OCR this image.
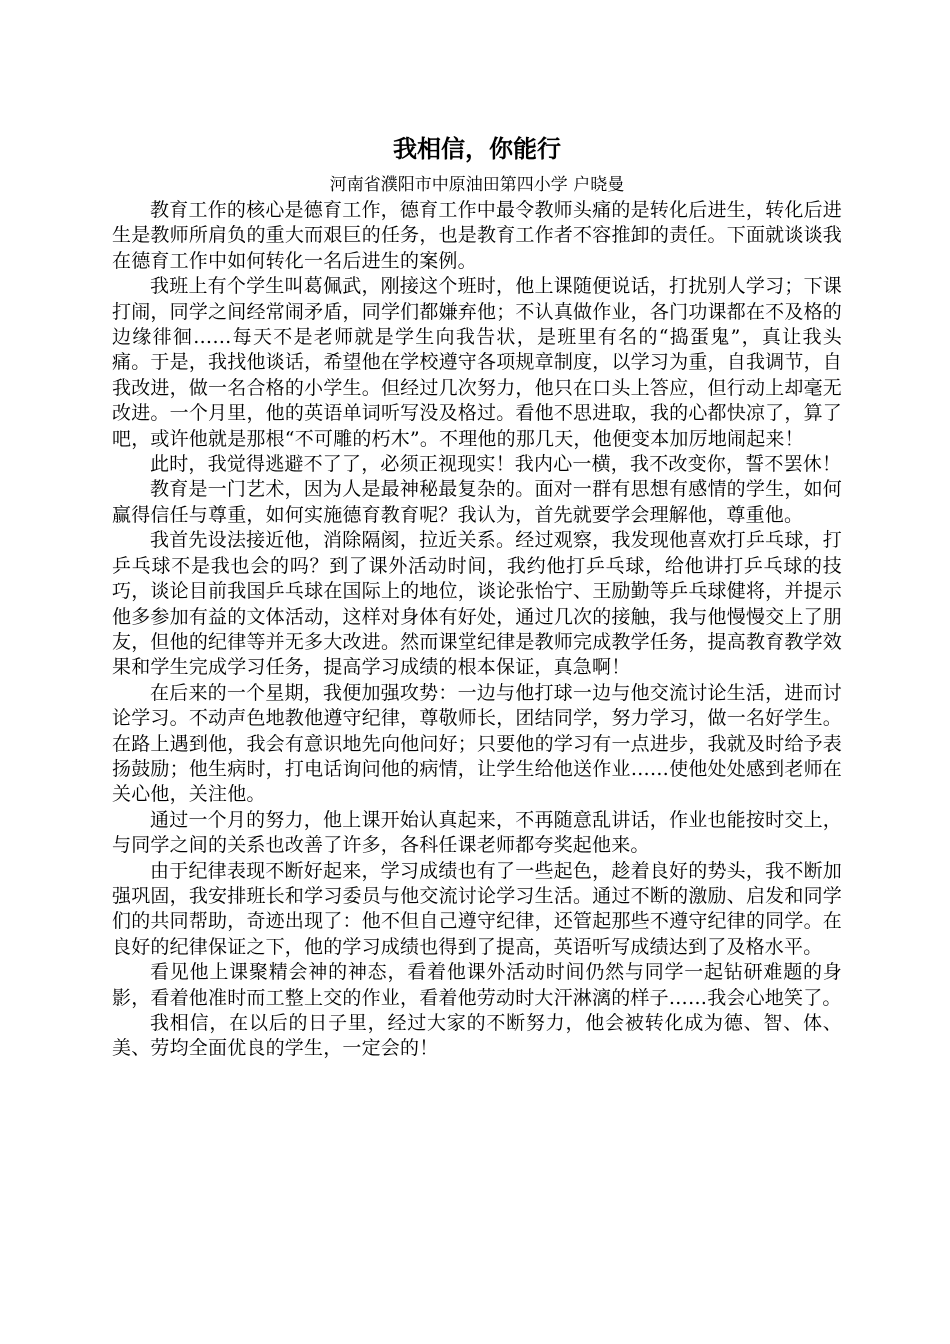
我相信，你能行
河南省濮阳市中原油田第四小学 户晓曼

教育工作的核心是德育工作，德育工作中最令教师头痛的是转化后进生，转化后进生是教师所肩负的重大而艰巨的任务，也是教育工作者不容推卸的责任。下面就谈谈我在德育工作中如何转化一名后进生的案例。

我班上有个学生叫葛佩武，刚接这个班时，他上课随便说话，打扰别人学习；下课打闹，同学之间经常闹矛盾，同学们都嫌弃他；不认真做作业，各门功课都在不及格的边缘徘徊……每天不是老师就是学生向我告状，是班里有名的“捣蛋鬼”，真让我头痛。于是，我找他谈话，希望他在学校遵守各项规章制度，以学习为重，自我调节，自我改进，做一名合格的小学生。但经过几次努力，他只在口头上答应，但行动上却毫无改进。一个月里，他的英语单词听写没及格过。看他不思进取，我的心都快凉了，算了吧，或许他就是那根“不可雕的朽木”。不理他的那几天，他便变本加厉地闹起来！

此时，我觉得逃避不了了，必须正视现实！我内心一横，我不改变你，誓不罢休！

教育是一门艺术，因为人是最神秘最复杂的。面对一群有思想有感情的学生，如何赢得信任与尊重，如何实施德育教育呢？我认为，首先就要学会理解他，尊重他。

我首先设法接近他，消除隔阂，拉近关系。经过观察，我发现他喜欢打乒乓球，打乒乓球不是我也会的吗？到了课外活动时间，我约他打乒乓球，给他讲打乒乓球的技巧，谈论目前我国乒乓球在国际上的地位，谈论张怡宁、王励勤等乒乓球健将，并提示他多参加有益的文体活动，这样对身体有好处，通过几次的接触，我与他慢慢交上了朋友，但他的纪律等并无多大改进。然而课堂纪律是教师完成教学任务，提高教育教学效果和学生完成学习任务，提高学习成绩的根本保证，真急啊！

在后来的一个星期，我便加强攻势：一边与他打球一边与他交流讨论生活，进而讨论学习。不动声色地教他遵守纪律，尊敬师长，团结同学，努力学习，做一名好学生。在路上遇到他，我会有意识地先向他问好；只要他的学习有一点进步，我就及时给予表扬鼓励；他生病时，打电话询问他的病情，让学生给他送作业……使他处处感到老师在关心他，关注他。

通过一个月的努力，他上课开始认真起来，不再随意乱讲话，作业也能按时交上，与同学之间的关系也改善了许多，各科任课老师都夸奖起他来。

由于纪律表现不断好起来，学习成绩也有了一些起色，趁着良好的势头，我不断加强巩固，我安排班长和学习委员与他交流讨论学习生活。通过不断的激励、启发和同学们的共同帮助，奇迹出现了：他不但自己遵守纪律，还管起那些不遵守纪律的同学。在良好的纪律保证之下，他的学习成绩也得到了提高，英语听写成绩达到了及格水平。

看见他上课聚精会神的神态，看着他课外活动时间仍然与同学一起钻研难题的身影，看着他准时而工整上交的作业，看着他劳动时大汗淋漓的样子……我会心地笑了。

我相信，在以后的日子里，经过大家的不断努力，他会被转化成为德、智、体、美、劳均全面优良的学生，一定会的！
